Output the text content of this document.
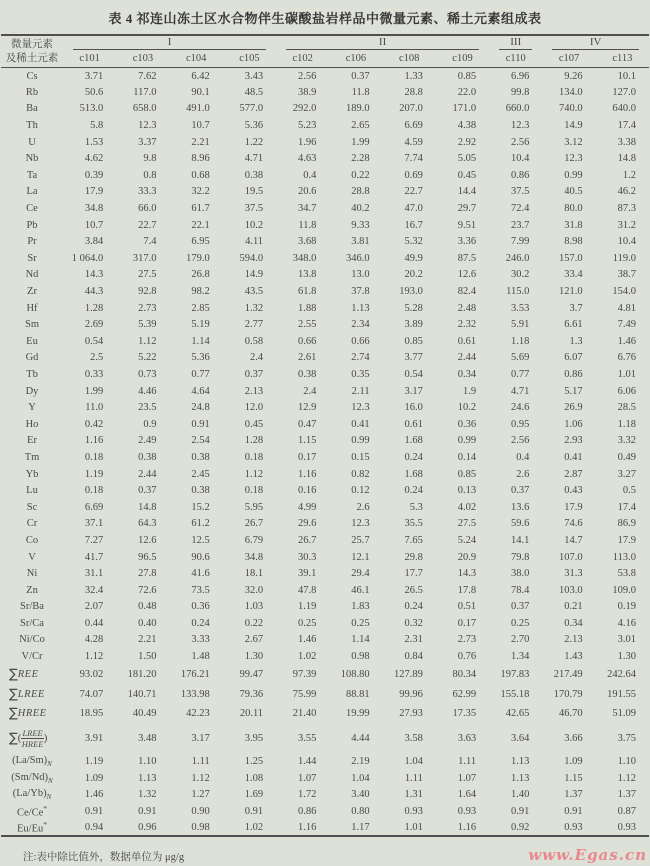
表 4 祁连山冻土区水合物伴生碳酸盐岩样品中微量元素、稀土元素组成表
微量元素
及稀土元素	I				II				III	IV	

	c101	c103	c104	c105	c102	c106	c108	c109	c110	c107	c113
Cs	3.71	7.62	6.42	3.43	2.56	0.37	1.33	0.85	6.96	9.26	10.1
Rb	50.6	117.0	90.1	48.5	38.9	11.8	28.8	22.0	99.8	134.0	127.0
Ba	513.0	658.0	491.0	577.0	292.0	189.0	207.0	171.0	660.0	740.0	640.0
Th	5.8	12.3	10.7	5.36	5.23	2.65	6.69	4.38	12.3	14.9	17.4
U	1.53	3.37	2.21	1.22	1.96	1.99	4.59	2.92	2.56	3.12	3.38
Nb	4.62	9.8	8.96	4.71	4.63	2.28	7.74	5.05	10.4	12.3	14.8
Ta	0.39	0.8	0.68	0.38	0.4	0.22	0.69	0.45	0.86	0.99	1.2
La	17.9	33.3	32.2	19.5	20.6	28.8	22.7	14.4	37.5	40.5	46.2
Ce	34.8	66.0	61.7	37.5	34.7	40.2	47.0	29.7	72.4	80.0	87.3
Pb	10.7	22.7	22.1	10.2	11.8	9.33	16.7	9.51	23.7	31.8	31.2
Pr	3.84	7.4	6.95	4.11	3.68	3.81	5.32	3.36	7.99	8.98	10.4
Sr	1 064.0	317.0	179.0	594.0	348.0	346.0	49.9	87.5	246.0	157.0	119.0
Nd	14.3	27.5	26.8	14.9	13.8	13.0	20.2	12.6	30.2	33.4	38.7
Zr	44.3	92.8	98.2	43.5	61.8	37.8	193.0	82.4	115.0	121.0	154.0
Hf	1.28	2.73	2.85	1.32	1.88	1.13	5.28	2.48	3.53	3.7	4.81
Sm	2.69	5.39	5.19	2.77	2.55	2.34	3.89	2.32	5.91	6.61	7.49
Eu	0.54	1.12	1.14	0.58	0.66	0.66	0.85	0.61	1.18	1.3	1.46
Gd	2.5	5.22	5.36	2.4	2.61	2.74	3.77	2.44	5.69	6.07	6.76
Tb	0.33	0.73	0.77	0.37	0.38	0.35	0.54	0.34	0.77	0.86	1.01
Dy	1.99	4.46	4.64	2.13	2.4	2.11	3.17	1.9	4.71	5.17	6.06
Y	11.0	23.5	24.8	12.0	12.9	12.3	16.0	10.2	24.6	26.9	28.5
Ho	0.42	0.9	0.91	0.45	0.47	0.41	0.61	0.36	0.95	1.06	1.18
Er	1.16	2.49	2.54	1.28	1.15	0.99	1.68	0.99	2.56	2.93	3.32
Tm	0.18	0.38	0.38	0.18	0.17	0.15	0.24	0.14	0.4	0.41	0.49
Yb	1.19	2.44	2.45	1.12	1.16	0.82	1.68	0.85	2.6	2.87	3.27
Lu	0.18	0.37	0.38	0.18	0.16	0.12	0.24	0.13	0.37	0.43	0.5
Sc	6.69	14.8	15.2	5.95	4.99	2.6	5.3	4.02	13.6	17.9	17.4
Cr	37.1	64.3	61.2	26.7	29.6	12.3	35.5	27.5	59.6	74.6	86.9
Co	7.27	12.6	12.5	6.79	26.7	25.7	7.65	5.24	14.1	14.7	17.9
V	41.7	96.5	90.6	34.8	30.3	12.1	29.8	20.9	79.8	107.0	113.0
Ni	31.1	27.8	41.6	18.1	39.1	29.4	17.7	14.3	38.0	31.3	53.8
Zn	32.4	72.6	73.5	32.0	47.8	46.1	26.5	17.8	78.4	103.0	109.0
Sr/Ba	2.07	0.48	0.36	1.03	1.19	1.83	0.24	0.51	0.37	0.21	0.19
Sr/Ca	0.44	0.40	0.24	0.22	0.25	0.25	0.32	0.17	0.25	0.34	4.16
Ni/Co	4.28	2.21	3.33	2.67	1.46	1.14	2.31	2.73	2.70	2.13	3.01
V/Cr	1.12	1.50	1.48	1.30	1.02	0.98	0.84	0.76	1.34	1.43	1.30
∑REE	93.02	181.20	176.21	99.47	97.39	108.80	127.89	80.34	197.83	217.49	242.64
∑LREE	74.07	140.71	133.98	79.36	75.99	88.81	99.96	62.99	155.18	170.79	191.55
∑HREE	18.95	40.49	42.23	20.11	21.40	19.99	27.93	17.35	42.65	46.70	51.09
∑( $\frac{\text{LREE}}{\text{HREE}}$ )	3.91	3.48	3.17	3.95	3.55	4.44	3.58	3.63	3.64	3.66	3.75
$(La/Sm)_N$	1.19	1.10	1.11	1.25	1.44	2.19	1.04	1.11	1.13	1.09	1.10
$(Sm/Nd)_N$	1.09	1.13	1.12	1.08	1.07	1.04	1.11	1.07	1.13	1.15	1.12
$(La/Yb)_N$	1.46	1.32	1.27	1.69	1.72	3.40	1.31	1.64	1.40	1.37	1.37
Ce/Ce*	0.91	0.91	0.90	0.91	0.86	0.80	0.93	0.93	0.91	0.91	0.87
Eu/Eu*	0.94	0.96	0.98	1.02	1.16	1.17	1.01	1.16	0.92	0.93	0.93
注:表中除比值外，数据单位为 μg/g	www.Egas.cn
